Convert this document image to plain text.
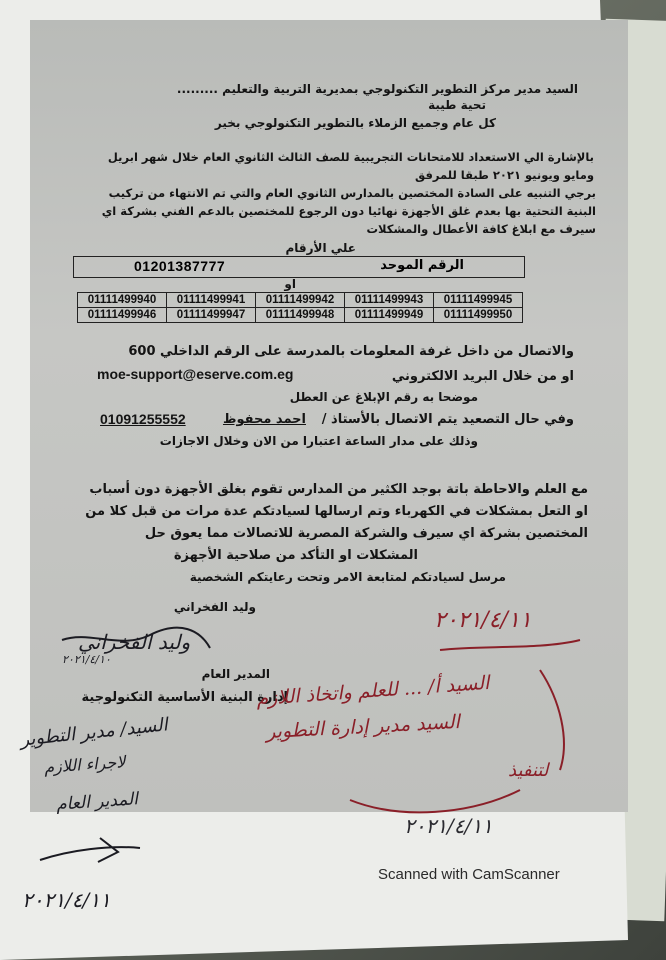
السيد مدير مركز التطوير التكنولوجي بمديرية التربية والتعليم .........
تحية طيبة
كل عام وجميع الزملاء بالتطوير التكنولوجي بخير
بالإشارة الي الاستعداد للامتحانات التجريبية للصف الثالث الثانوي العام خلال شهر ابريل
ومايو ويونيو ٢٠٢١ طبقا للمرفق
برجي التنبيه على السادة المختصين بالمدارس الثانوي العام والتي تم الانتهاء من تركيب
البنية التحتية بها بعدم غلق الأجهزة نهائيا دون الرجوع للمختصين بالدعم الفني بشركة اي
سيرف مع ابلاغ كافة الأعطال والمشكلات
علي الأرقام
01201387777	الرقم الموحد
او
01111499940	01111499941	01111499942	01111499943	01111499945
01111499946	01111499947	01111499948	01111499949	01111499950
والاتصال من داخل غرفة المعلومات بالمدرسة على الرقم الداخلي 600
او من خلال البريد الالكتروني
moe-support@eserve.com.eg
موضحا به رقم الإبلاغ عن العطل
وفي حال التصعيد يتم الاتصال بالأستاذ /
احمد محفوظ
01091255552
وذلك على مدار الساعة اعتبارا من الان وخلال الاجازات
مع العلم والاحاطة باتة بوجد الكثير من المدارس تقوم بغلق الأجهزة دون أسباب
او التعل بمشكلات في الكهرباء وتم ارسالها لسيادتكم عدة مرات من قبل كلا من
المختصين بشركة اي سيرف والشركة المصرية للاتصالات مما يعوق حل
المشكلات او التأكد من صلاحية الأجهزة
مرسل لسيادتكم لمتابعة الامر وتحت رعايتكم الشخصية
وليد الفخراني
المدير العام
إدارة البنية الأساسية التكنولوجية
وليد الفخراني
٢٠٢١/٤/١٠
٢٠٢١/٤/١١
السيد أ/ ... للعلم واتخاذ اللازم
السيد مدير إدارة التطوير
لتنفيذ
٢٠٢١/٤/١١
السيد/ مدير التطوير
لاجراء اللازم
المدير العام
٢٠٢١/٤/١١
Scanned with CamScanner
